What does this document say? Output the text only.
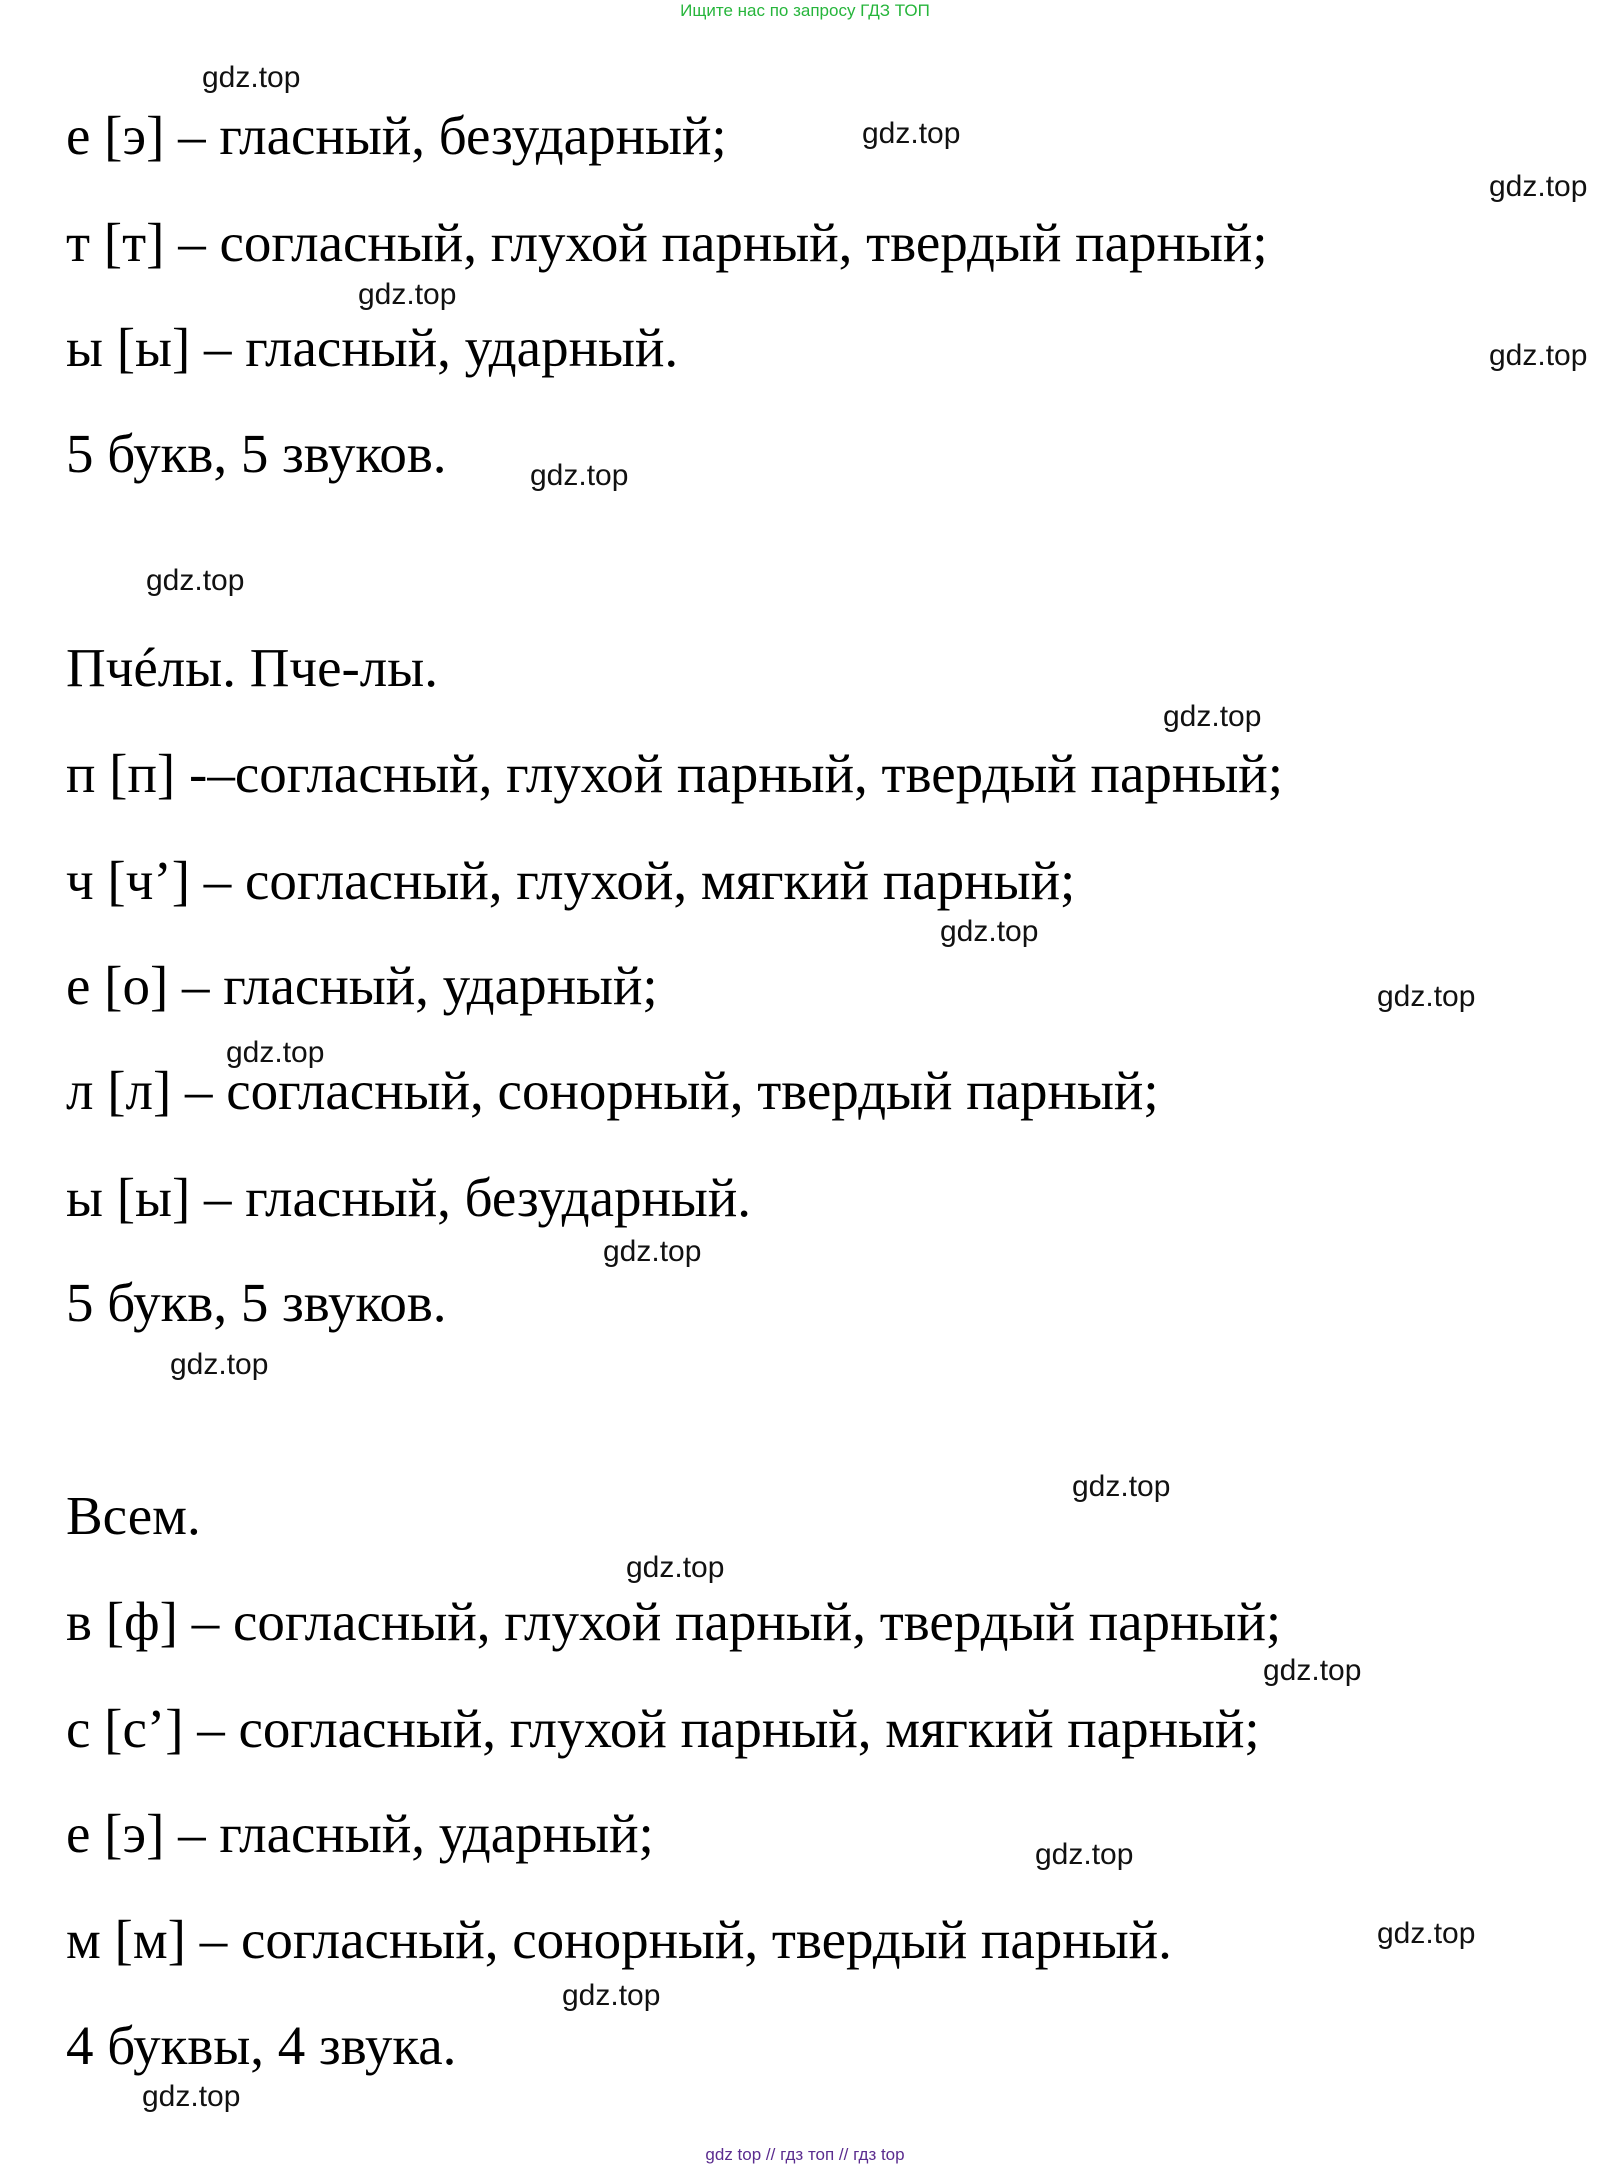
Ищите нас по запросу ГДЗ ТОП
е [э] – гласный, безударный;
т [т] – согласный, глухой парный, твердый парный;
ы [ы] – гласный, ударный.
5 букв, 5 звуков.
Пчéлы. Пче-лы.
п [п] -–согласный, глухой парный, твердый парный;
ч [ч’] – согласный, глухой, мягкий парный;
е [о] – гласный, ударный;
л [л] – согласный, сонорный, твердый парный;
ы [ы] – гласный, безударный.
5 букв, 5 звуков.
Всем.
в [ф] – согласный, глухой парный, твердый парный;
с [с’] – согласный, глухой парный, мягкий парный;
е [э] – гласный, ударный;
м [м] – согласный, сонорный, твердый парный.
4 буквы, 4 звука.
gdz.top
gdz.top
gdz.top
gdz.top
gdz.top
gdz.top
gdz.top
gdz.top
gdz.top
gdz.top
gdz.top
gdz.top
gdz.top
gdz.top
gdz.top
gdz.top
gdz.top
gdz.top
gdz.top
gdz.top
gdz top // гдз топ // гдз top
